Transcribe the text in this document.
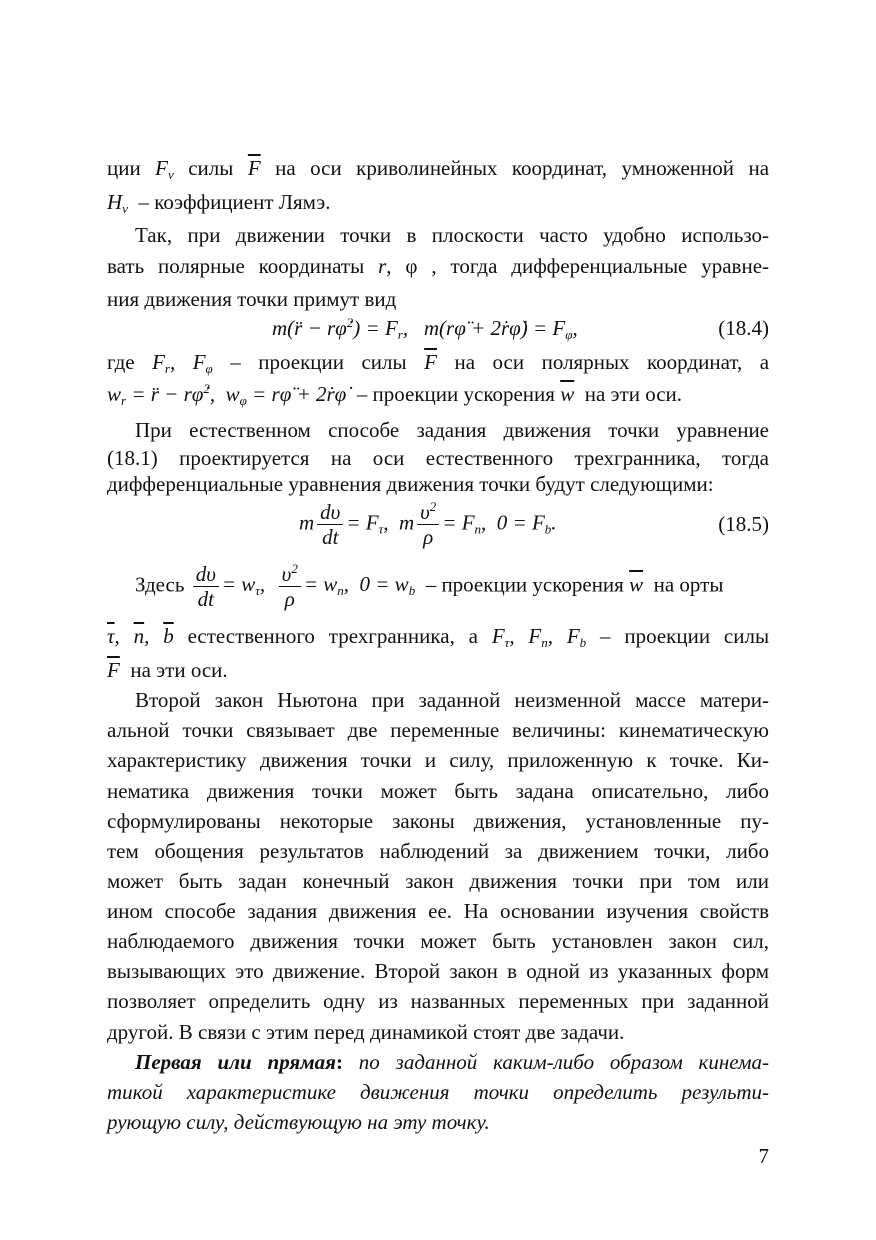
ции $F_\nu$ силы $\overline{F}$ на оси криволинейных координат, умноженной на
$H_\nu$  – коэффициент Лямэ.
Так, при движении точки в плоскости часто удобно использо-
вать полярные координаты r, φ , тогда дифференциальные уравне-
ния движения точки примут вид
m(r̈ − rφ̇$^2$) = $F_r$,   m(rφ̈ + 2ṙφ̇) = $F_\varphi$,	(18.4)
где $F_r$, $F_\varphi$ – проекции силы $\overline{F}$ на оси полярных координат, а
$w_r$ = r̈ − rφ̇$^2$,  $w_\varphi$ = rφ̈ + 2ṙφ̇  – проекции ускорения $\overline{w}$  на эти оси.
При естественном способе задания движения точки уравнение
(18.1) проектируется на оси естественного трехгранника, тогда
дифференциальные уравнения движения точки будут следующими:
m $\frac{d\upsilon}{dt} = F_\tau$,  m $\frac{\upsilon^2}{\rho} = F_n$,  $0 = F_b$.	(18.5)
Здесь $\frac{d\upsilon}{dt} = w_\tau$, $\frac{\upsilon^2}{\rho} = w_n$,  $0 = w_b$  – проекции ускорения $\overline{w}$  на орты
$\overline{\tau}$, $\overline{n}$, $\overline{b}$ естественного трехгранника, а $F_\tau$, $F_n$, $F_b$ – проекции силы
$\overline{F}$  на эти оси.
Второй закон Ньютона при заданной неизменной массе матери-
альной точки связывает две переменные величины: кинематическую
характеристику движения точки и силу, приложенную к точке. Ки-
нематика движения точки может быть задана описательно, либо
сформулированы некоторые законы движения, установленные пу-
тем обощения результатов наблюдений за движением точки, либо
может быть задан конечный закон движения точки при том или
ином способе задания движения ее. На основании изучения свойств
наблюдаемого движения точки может быть установлен закон сил,
вызывающих это движение. Второй закон в одной из указанных форм
позволяет определить одну из названных переменных при заданной
другой. В связи с этим перед динамикой стоят две задачи.
Первая или прямая: по заданной каким-либо образом кинема-
тикой характеристике движения точки определить результи-
рующую силу, действующую на эту точку.
7
